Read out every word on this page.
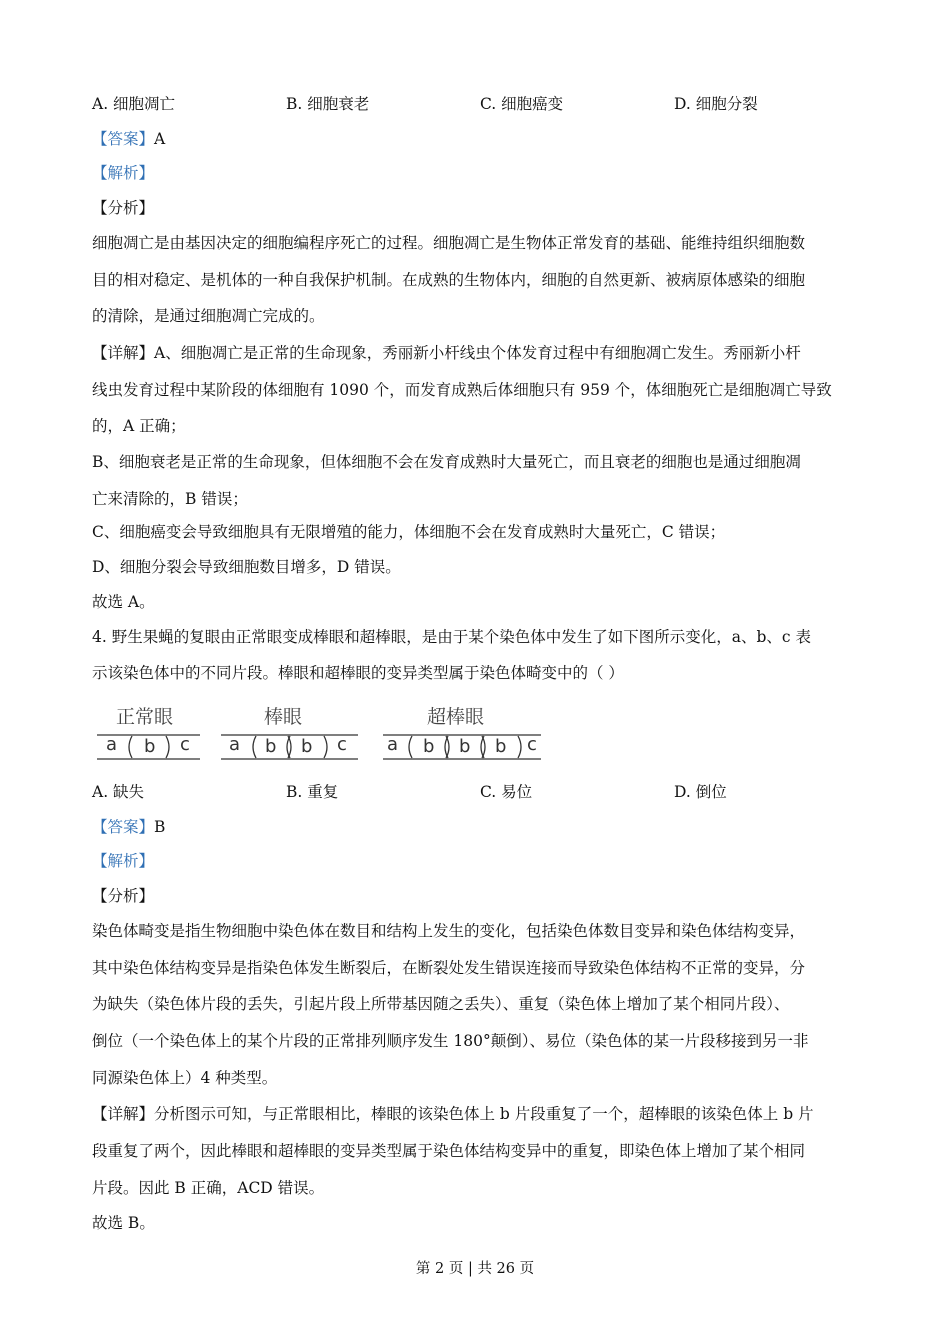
A. 细胞凋亡	B. 细胞衰老	C. 细胞癌变	D. 细胞分裂
【答案】A
【解析】
【分析】
细胞凋亡是由基因决定的细胞编程序死亡的过程。细胞凋亡是生物体正常发育的基础、能维持组织细胞数
目的相对稳定、是机体的一种自我保护机制。在成熟的生物体内，细胞的自然更新、被病原体感染的细胞
的清除，是通过细胞凋亡完成的。
【详解】A、细胞凋亡是正常的生命现象，秀丽新小杆线虫个体发育过程中有细胞凋亡发生。秀丽新小杆
线虫发育过程中某阶段的体细胞有 1090 个，而发育成熟后体细胞只有 959 个，体细胞死亡是细胞凋亡导致
的，A 正确；
B、细胞衰老是正常的生命现象，但体细胞不会在发育成熟时大量死亡，而且衰老的细胞也是通过细胞凋
亡来清除的，B 错误；
C、细胞癌变会导致细胞具有无限增殖的能力，体细胞不会在发育成熟时大量死亡，C 错误；
D、细胞分裂会导致细胞数目增多，D 错误。
故选 A。
4. 野生果蝇的复眼由正常眼变成棒眼和超棒眼，是由于某个染色体中发生了如下图所示变化，a、b、c 表
示该染色体中的不同片段。棒眼和超棒眼的变异类型属于染色体畸变中的（ ）
正常眼	棒眼	超棒眼
a b c a b b c a b b b c
A. 缺失	B. 重复	C. 易位	D. 倒位
【答案】B
【解析】
【分析】
染色体畸变是指生物细胞中染色体在数目和结构上发生的变化，包括染色体数目变异和染色体结构变异，
其中染色体结构变异是指染色体发生断裂后，在断裂处发生错误连接而导致染色体结构不正常的变异，分
为缺失（染色体片段的丢失，引起片段上所带基因随之丢失）、重复（染色体上增加了某个相同片段）、
倒位（一个染色体上的某个片段的正常排列顺序发生 180°颠倒）、易位（染色体的某一片段移接到另一非
同源染色体上）4 种类型。
【详解】分析图示可知，与正常眼相比，棒眼的该染色体上 b 片段重复了一个，超棒眼的该染色体上 b 片
段重复了两个，因此棒眼和超棒眼的变异类型属于染色体结构变异中的重复，即染色体上增加了某个相同
片段。因此 B 正确，ACD 错误。
故选 B。
第 2 页 | 共 26 页
